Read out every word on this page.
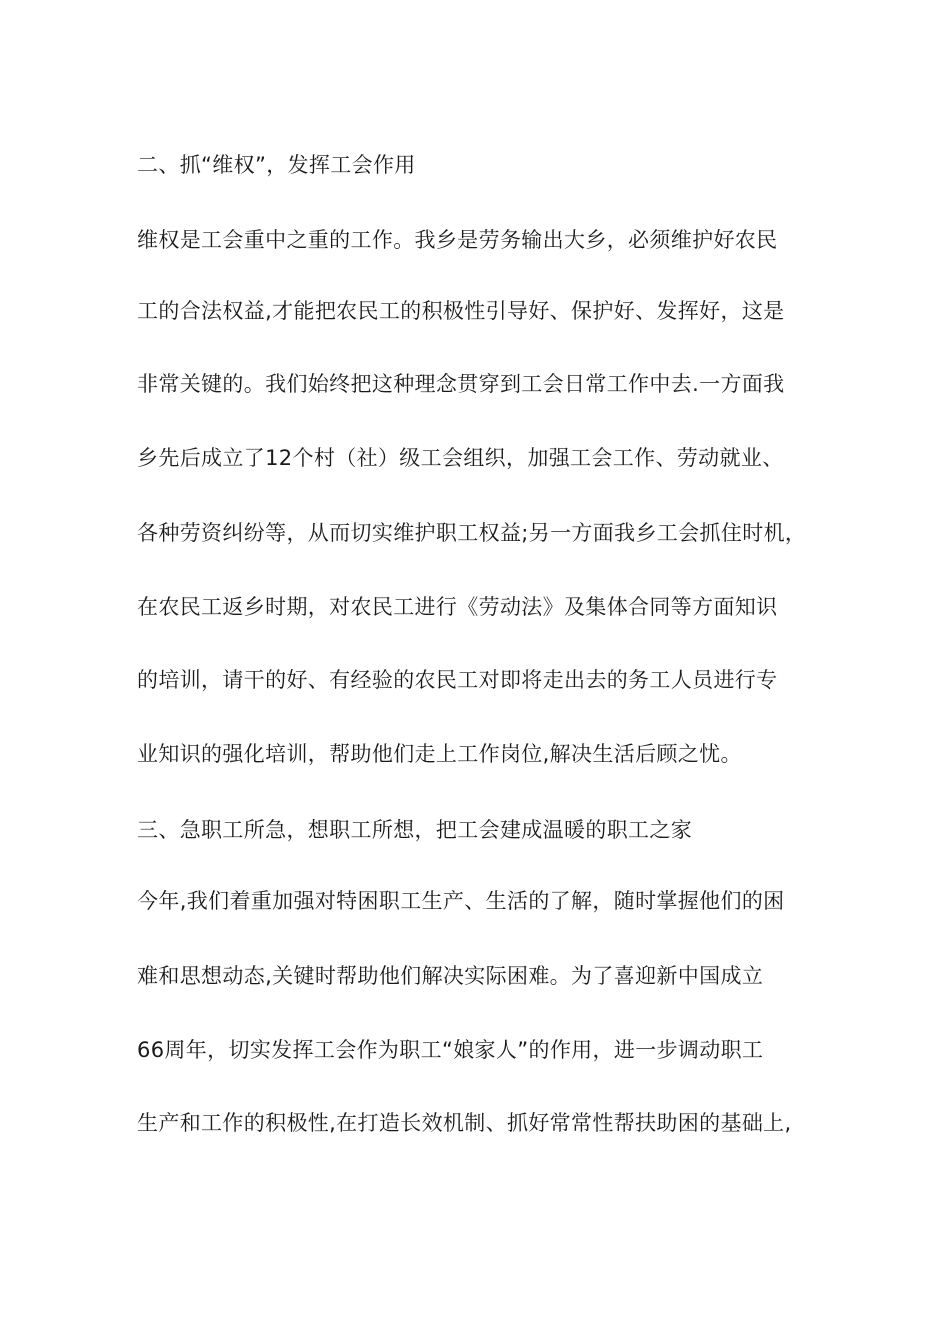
二、抓“维权”，发挥工会作用
维权是工会重中之重的工作。我乡是劳务输出大乡，必须维护好农民
工的合法权益,才能把农民工的积极性引导好、保护好、发挥好，这是
非常关键的。我们始终把这种理念贯穿到工会日常工作中去.一方面我
乡先后成立了12个村（社）级工会组织，加强工会工作、劳动就业、
各种劳资纠纷等，从而切实维护职工权益;另一方面我乡工会抓住时机，
在农民工返乡时期，对农民工进行《劳动法》及集体合同等方面知识
的培训，请干的好、有经验的农民工对即将走出去的务工人员进行专
业知识的强化培训，帮助他们走上工作岗位,解决生活后顾之忧。
三、急职工所急，想职工所想，把工会建成温暖的职工之家
今年,我们着重加强对特困职工生产、生活的了解，随时掌握他们的困
难和思想动态,关键时帮助他们解决实际困难。为了喜迎新中国成立
66周年，切实发挥工会作为职工“娘家人”的作用，进一步调动职工
生产和工作的积极性,在打造长效机制、抓好常常性帮扶助困的基础上,
